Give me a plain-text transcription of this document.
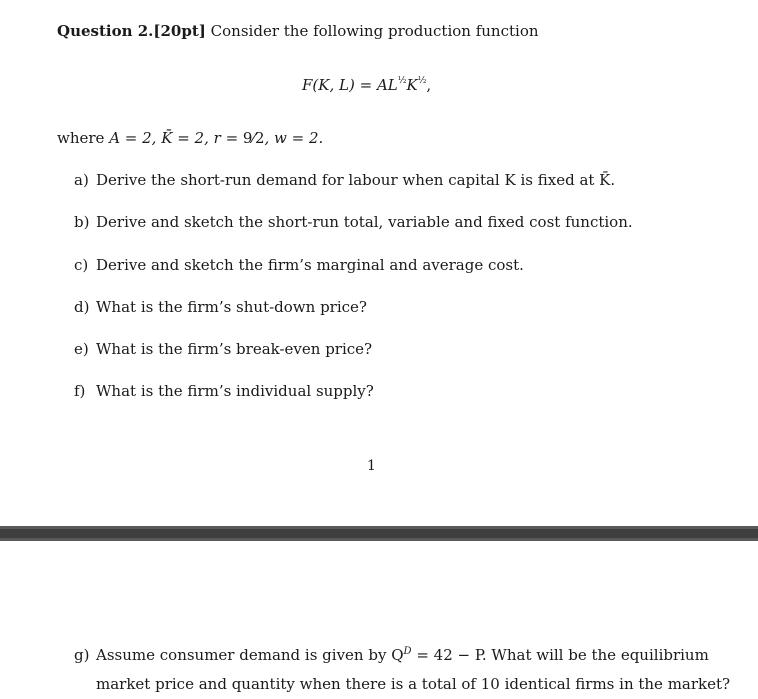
Question 2.[20pt] Consider the following production function
F(K, $L) = AL^{\frac{1}{2}}K^{\frac{1}{2}}$,
where A = 2, K̄ = 2, r = 9⁄2, w = 2.
a) Derive the short-run demand for labour when capital K is fixed at K̄.
b) Derive and sketch the short-run total, variable and fixed cost function.
c) Derive and sketch the firm’s marginal and average cost.
d) What is the firm’s shut-down price?
e) What is the firm’s break-even price?
f) What is the firm’s individual supply?
1
g) Assume consumer demand is given by $Q^D = 42 - P$. What will be the equilibrium
market price and quantity when there is a total of 10 identical firms in the market?
